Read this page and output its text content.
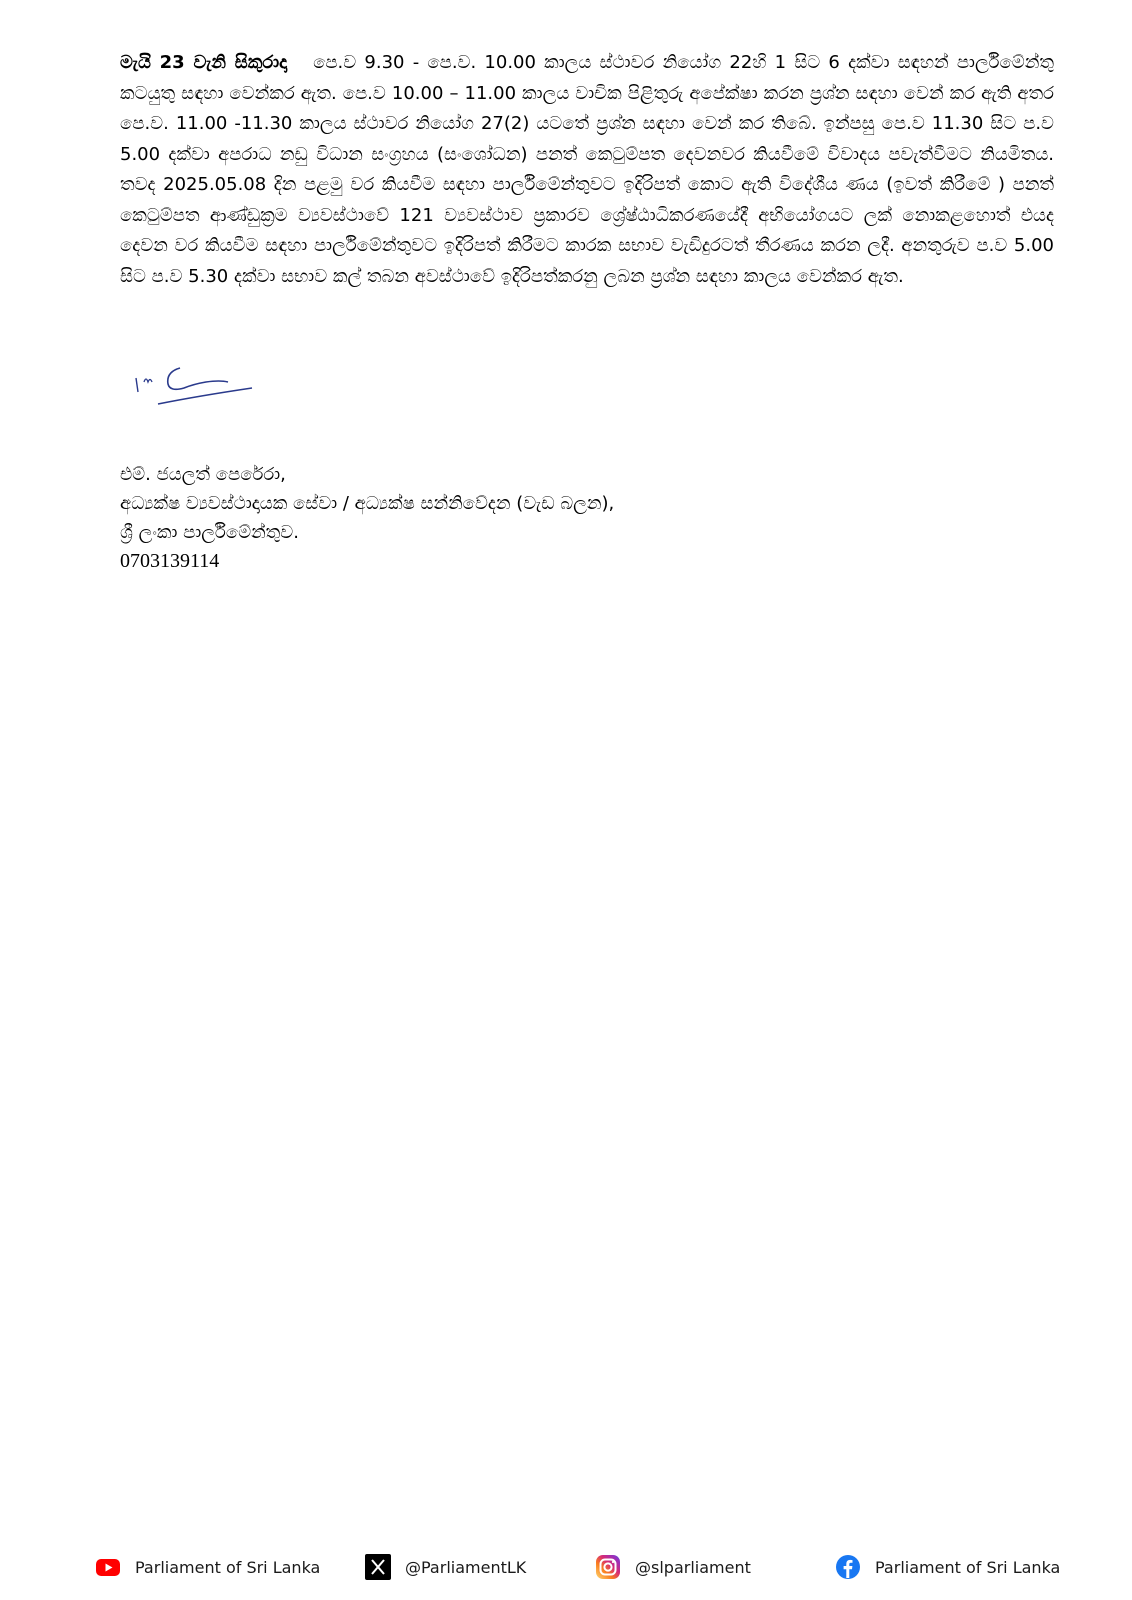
මැයි 23 වැනි සිකුරාදා පෙ.ව 9.30 - පෙ.ව. 10.00 කාලය ස්ථාවර නියෝග 22හි 1 සිට 6 දක්වා සඳහන් පාර්ලිමේන්තු කටයුතු සඳහා වෙන්කර ඇත. පෙ.ව 10.00 – 11.00 කාලය වාචික පිළිතුරු අපේක්ෂා කරන ප්‍රශ්න සඳහා වෙන් කර ඇති අතර පෙ.ව. 11.00 -11.30 කාලය ස්ථාවර නියෝග 27(2) යටතේ ප්‍රශ්න සඳහා වෙන් කර තිබේ. ඉන්පසු පෙ.ව 11.30 සිට ප.ව 5.00 දක්වා අපරාධ නඩු විධාන සංග්‍රහය (සංශෝධන) පනත් කෙටුම්පත දෙවනවර කියවීමේ විවාදය පවැත්වීමට නියමිතය. තවද 2025.05.08 දින පළමු වර කියවීම සඳහා පාර්ලිමේන්තුවට ඉදිරිපත් කොට ඇති විදේශීය ණය (ඉවත් කිරීමේ ) පනත් කෙටුම්පත ආණ්ඩුක්‍රම ව්‍යවස්ථාවේ 121 ව්‍යවස්ථාව ප්‍රකාරව ශ්‍රේෂ්ඨාධිකරණයේදී අභියෝගයට ලක් නොකළහොත් එයද දෙවන වර කියවීම සඳහා පාර්ලිමේන්තුවට ඉදිරිපත් කිරීමට කාරක සභාව වැඩිදුරටත් තීරණය කරන ලදී. අනතුරුව ප.ව 5.00 සිට ප.ව 5.30 දක්වා සභාව කල් තබන අවස්ථාවේ ඉදිරිපත්කරනු ලබන ප්‍රශ්න සඳහා කාලය වෙන්කර ඇත.
එම්. ජයලත් පෙරේරා,
අධ්‍යක්ෂ ව්‍යවස්ථාදායක සේවා / අධ්‍යක්ෂ සන්නිවේදන (වැඩ බලන),
ශ්‍රී ලංකා පාර්ලිමේන්තුව.
0703139114
Parliament of Sri Lanka	@ParliamentLK	@slparliament	Parliament of Sri Lanka
